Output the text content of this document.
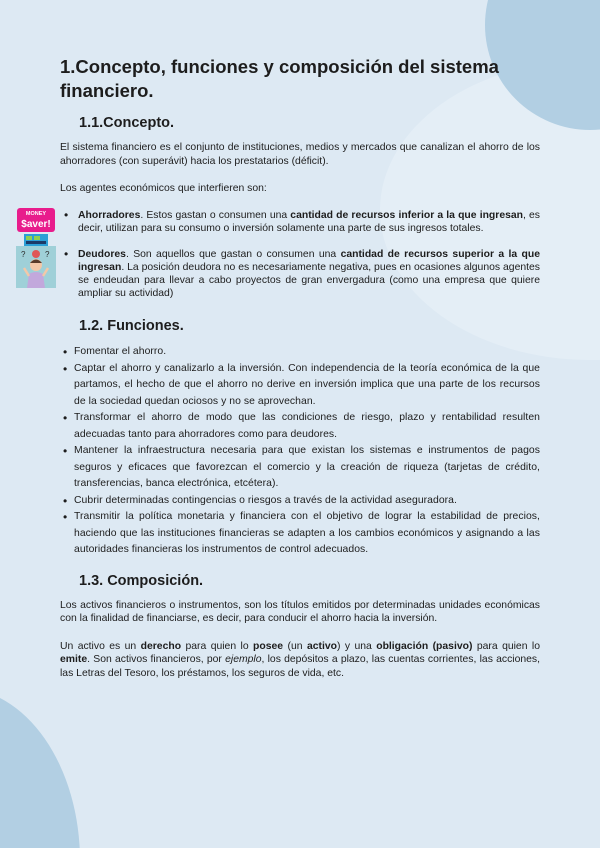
1.Concepto, funciones y composición del sistema financiero.
1.1.Concepto.

El sistema financiero es el conjunto de instituciones, medios y mercados que canalizan el ahorro de los ahorradores (con superávit) hacia los prestatarios (déficit).

Los agentes económicos que interfieren son:

• MONEY
$aver!
Ahorradores. Estos gastan o consumen una cantidad de recursos inferior a la que ingresan, es decir, utilizan para su consumo o inversión solamente una parte de sus ingresos totales.
• ? ?	Deudores. Son aquellos que gastan o consumen una cantidad de recursos superior a la que ingresan. La posición deudora no es necesariamente negativa, pues en ocasiones algunos agentes se endeudan para llevar a cabo proyectos de gran envergadura (como una empresa que quiere ampliar su actividad)
1.2. Funciones.
• Fomentar el ahorro.
• Captar el ahorro y canalizarlo a la inversión. Con independencia de la teoría económica de la que partamos, el hecho de que el ahorro no derive en inversión implica que una parte de los recursos de la sociedad quedan ociosos y no se aprovechan.
• Transformar el ahorro de modo que las condiciones de riesgo, plazo y rentabilidad resulten adecuadas tanto para ahorradores como para deudores.
• Mantener la infraestructura necesaria para que existan los sistemas e instrumentos de pagos seguros y eficaces que favorezcan el comercio y la creación de riqueza (tarjetas de crédito, transferencias, banca electrónica, etcétera).
• Cubrir determinadas contingencias o riesgos a través de la actividad aseguradora.
• Transmitir la política monetaria y financiera con el objetivo de lograr la estabilidad de precios, haciendo que las instituciones financieras se adapten a los cambios económicos y asignando a las autoridades financieras los instrumentos de control adecuados.
1.3. Composición.

Los activos financieros o instrumentos, son los títulos emitidos por determinadas unidades económicas con la finalidad de financiarse, es decir, para conducir el ahorro hacia la inversión.

Un activo es un derecho para quien lo posee (un activo) y una obligación (pasivo) para quien lo emite. Son activos financieros, por ejemplo, los depósitos a plazo, las cuentas corrientes, las acciones, las Letras del Tesoro, los préstamos, los seguros de vida, etc.
